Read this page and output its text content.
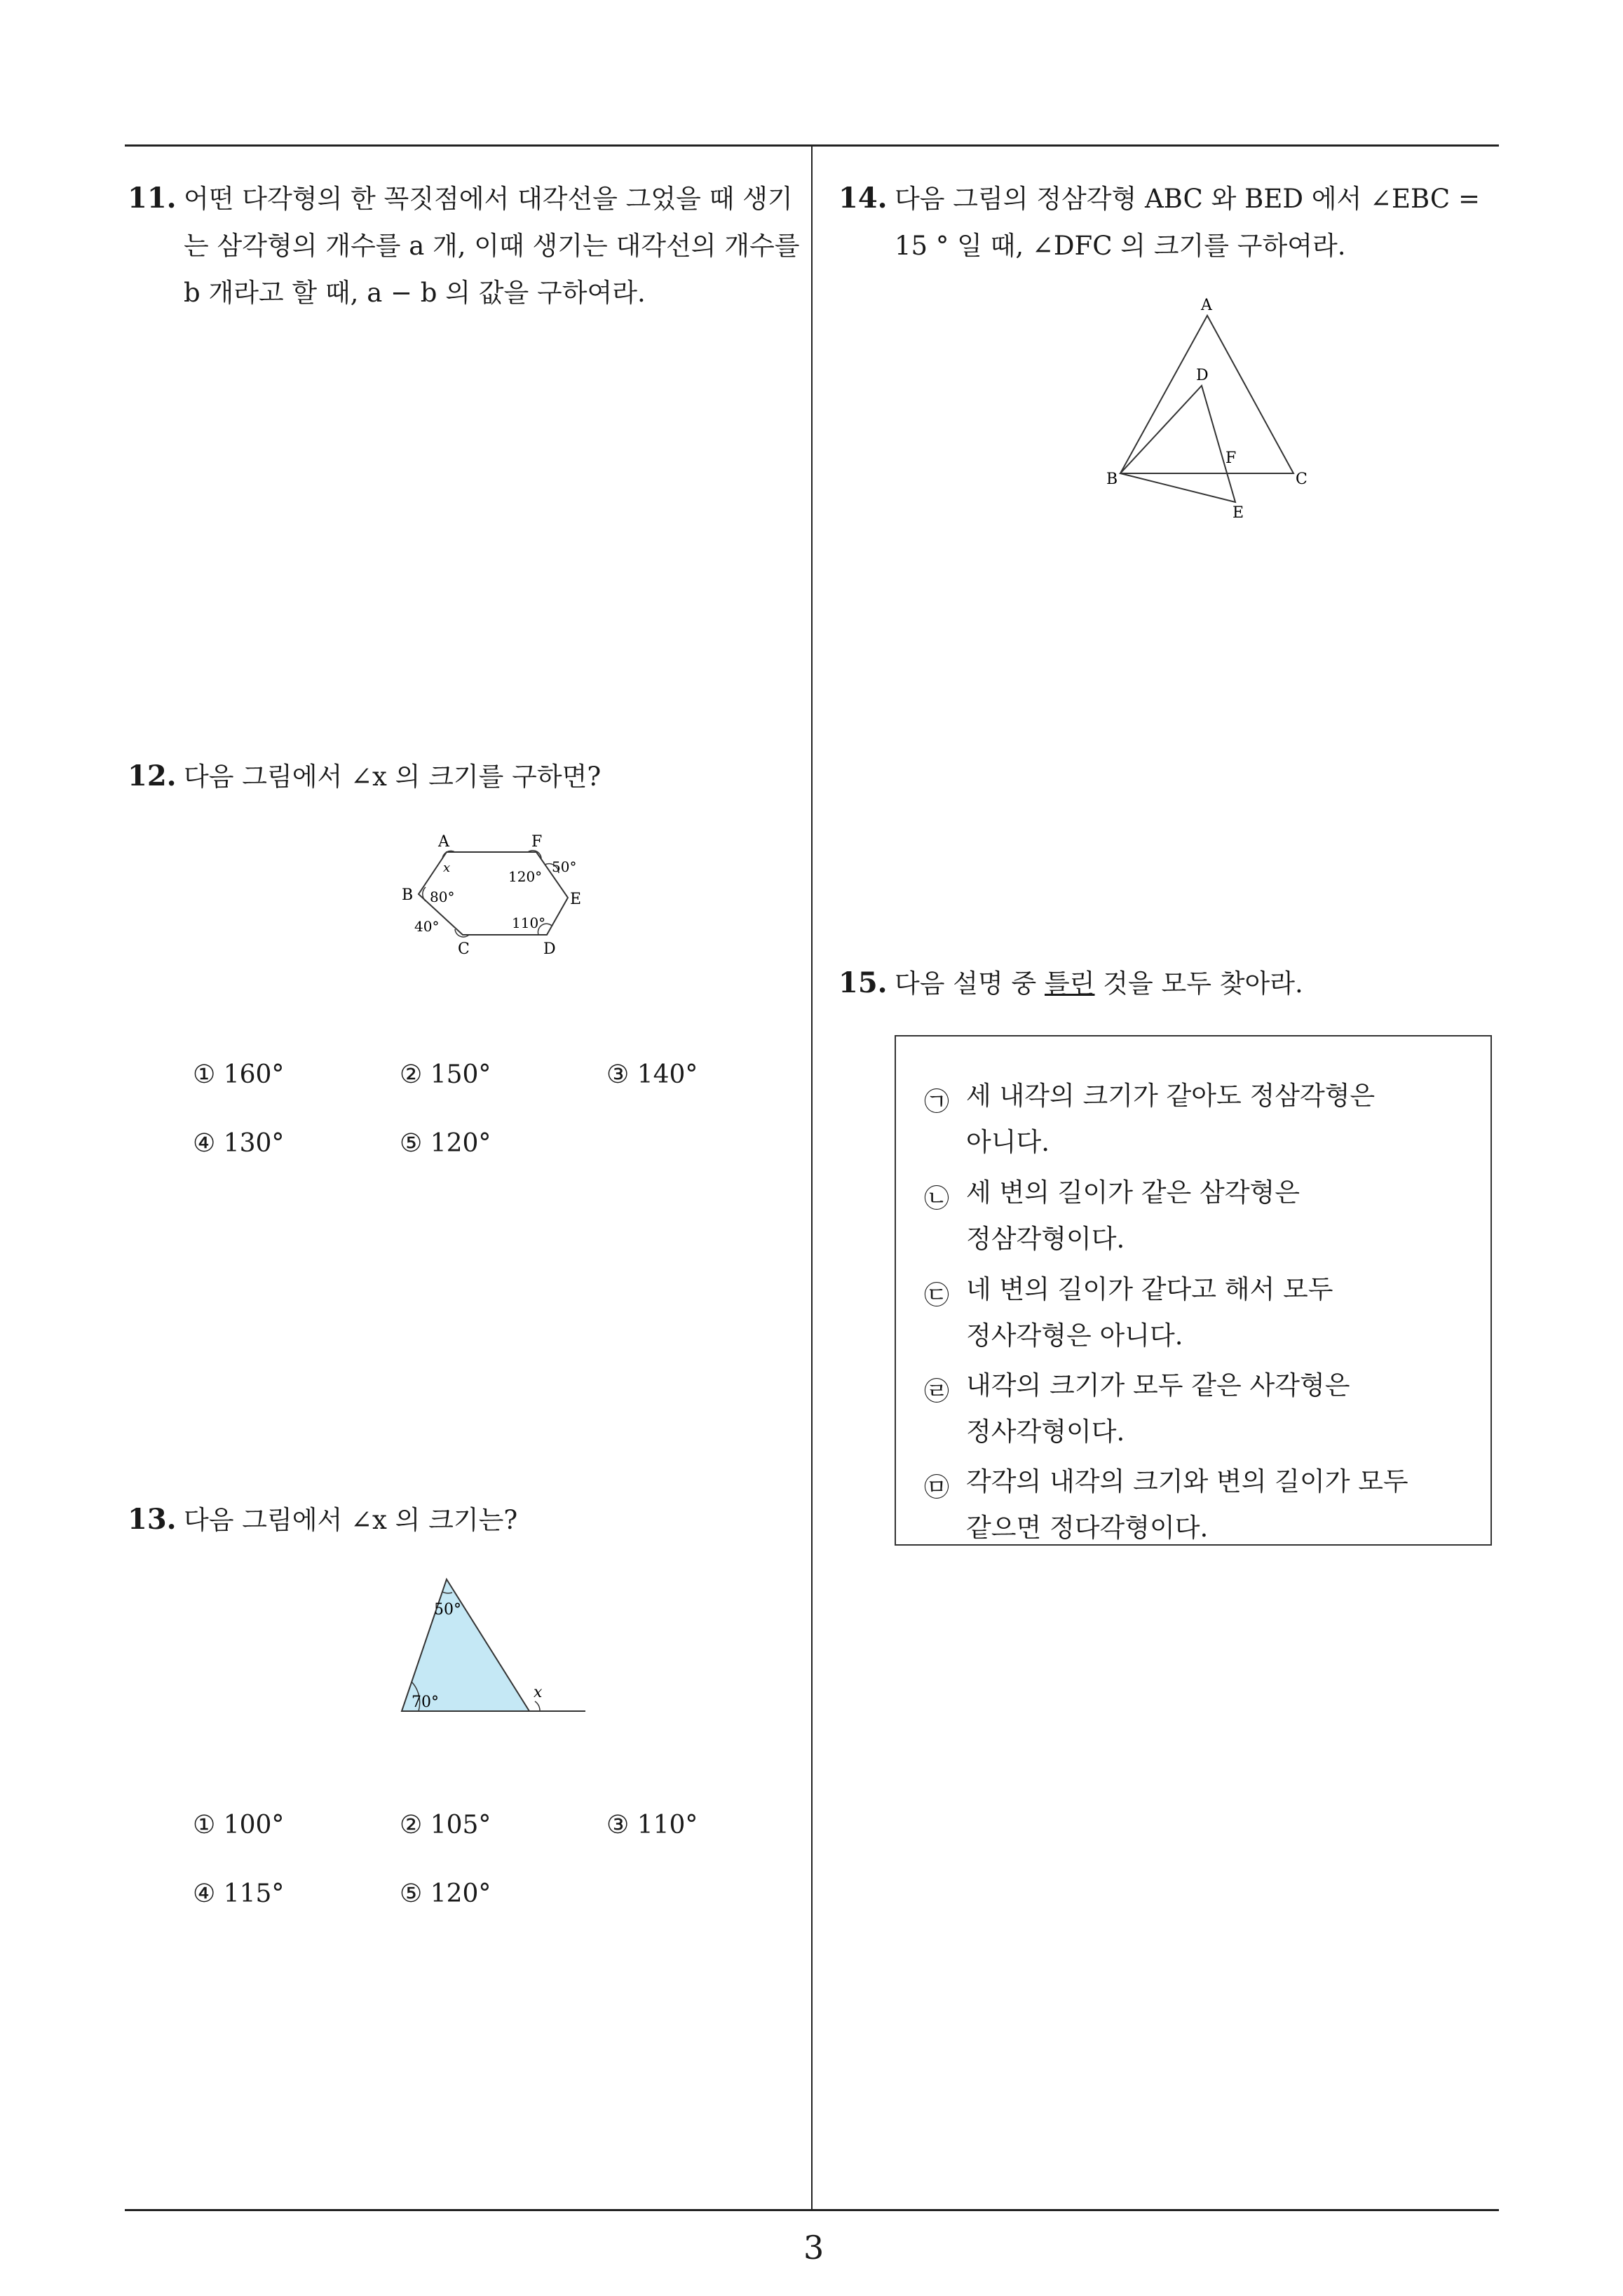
11. 어떤 다각형의 한 꼭짓점에서 대각선을 그었을 때 생기
는 삼각형의 개수를 a 개, 이때 생기는 대각선의 개수를
b 개라고 할 때, a − b 의 값을 구하여라.
12. 다음 그림에서 ∠x 의 크기를 구하면?
A	F
B	E
C	D
x
120°
50°
80°
40°	110°
① 160°	② 150°	③ 140°
④ 130°	⑤ 120°
13. 다음 그림에서 ∠x 의 크기는?
50°
70°
x
① 100°	② 105°	③ 110°
④ 115°	⑤ 120°
14. 다음 그림의 정삼각형 ABC 와 BED 에서 ∠EBC =
15 ° 일 때, ∠DFC 의 크기를 구하여라.
A
D
F
B	C
E
15. 다음 설명 중 틀린 것을 모두 찾아라.
㉠ 세 내각의 크기가 같아도 정삼각형은
아니다.
㉡ 세 변의 길이가 같은 삼각형은
정삼각형이다.
㉢ 네 변의 길이가 같다고 해서 모두
정사각형은 아니다.
㉣ 내각의 크기가 모두 같은 사각형은
정사각형이다.
㉤ 각각의 내각의 크기와 변의 길이가 모두
같으면 정다각형이다.
3
